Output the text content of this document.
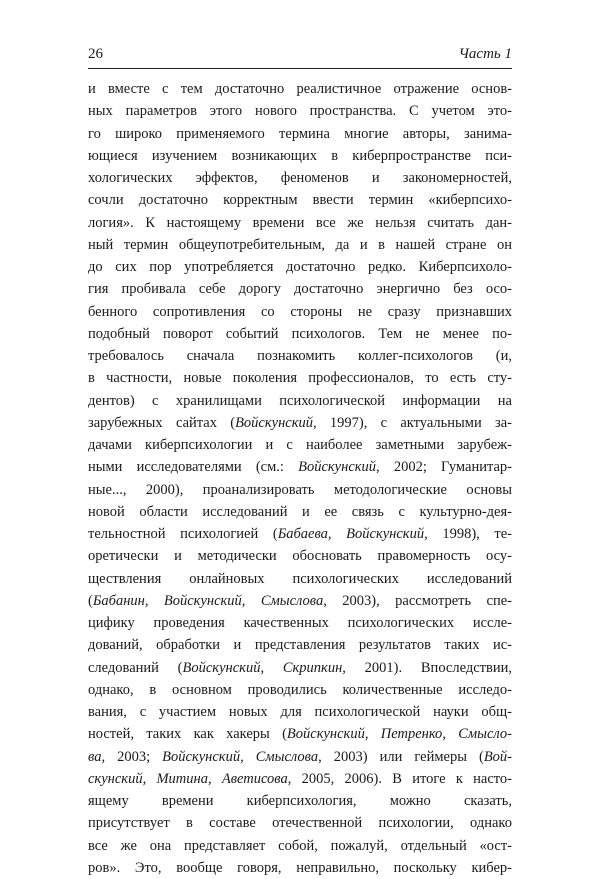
26	Часть 1
и вместе с тем достаточно реалистичное отражение основ-
ных параметров этого нового пространства. С учетом это-
го широко применяемого термина многие авторы, занима-
ющиеся изучением возникающих в киберпространстве пси-
хологических эффектов, феноменов и закономерностей,
сочли достаточно корректным ввести термин «киберпсихо-
логия». К настоящему времени все же нельзя считать дан-
ный термин общеупотребительным, да и в нашей стране он
до сих пор употребляется достаточно редко. Киберпсихоло-
гия пробивала себе дорогу достаточно энергично без осо-
бенного сопротивления со стороны не сразу признавших
подобный поворот событий психологов. Тем не менее по-
требовалось сначала познакомить коллег-психологов (и,
в частности, новые поколения профессионалов, то есть сту-
дентов) с хранилищами психологической информации на
зарубежных сайтах (Войскунский, 1997), с актуальными за-
дачами киберпсихологии и с наиболее заметными зарубеж-
ными исследователями (см.: Войскунский, 2002; Гуманитар-
ные..., 2000), проанализировать методологические основы
новой области исследований и ее связь с культурно-дея-
тельностной психологией (Бабаева, Войскунский, 1998), те-
оретически и методически обосновать правомерность осу-
ществления онлайновых психологических исследований
(Бабанин, Войскунский, Смыслова, 2003), рассмотреть спе-
цифику проведения качественных психологических иссле-
дований, обработки и представления результатов таких ис-
следований (Войскунский, Скрипкин, 2001). Впоследствии,
однако, в основном проводились количественные исследо-
вания, с участием новых для психологической науки общ-
ностей, таких как хакеры (Войскунский, Петренко, Смысло-
ва, 2003; Войскунский, Смыслова, 2003) или геймеры (Вой-
скунский, Митина, Аветисова, 2005, 2006). В итоге к насто-
ящему времени киберпсихология, можно сказать,
присутствует в составе отечественной психологии, однако
все же она представляет собой, пожалуй, отдельный «ост-
ров». Это, вообще говоря, неправильно, поскольку кибер-
